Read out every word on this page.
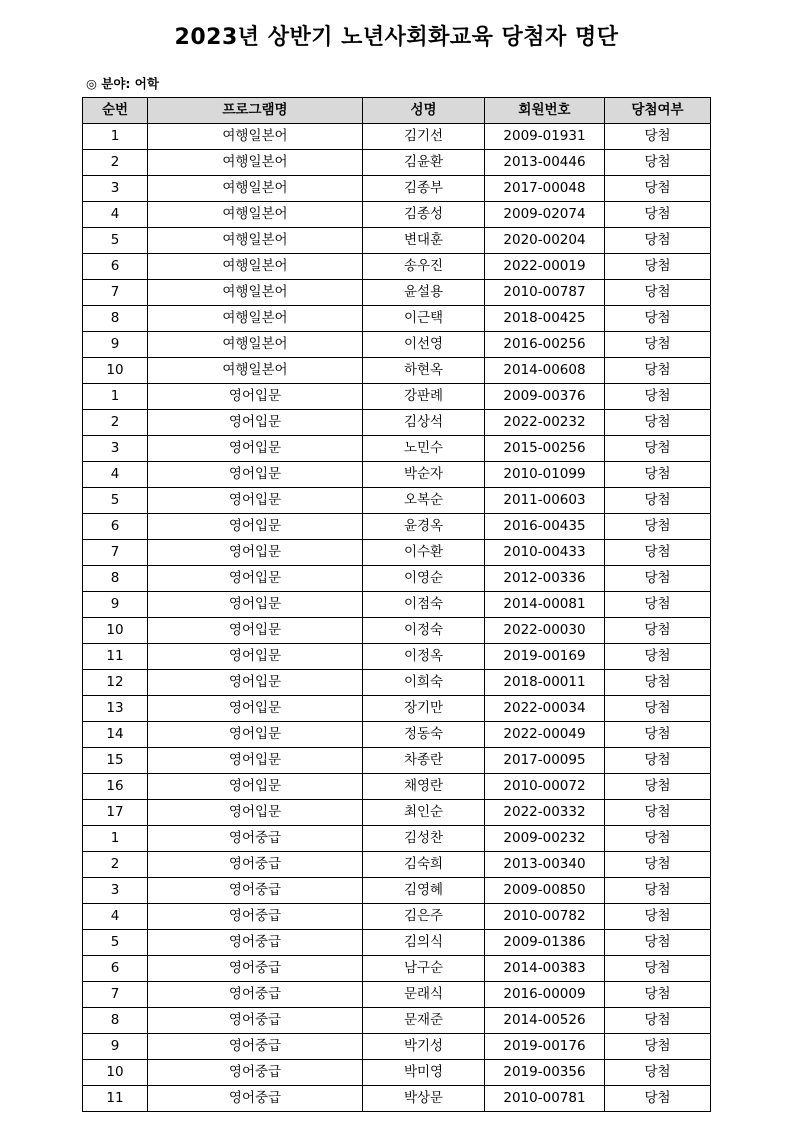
2023년 상반기 노년사회화교육 당첨자 명단
◎ 분야: 어학
순번	프로그램명	성명	회원번호	당첨여부
1	여행일본어	김기선	2009-01931	당첨
2	여행일본어	김윤환	2013-00446	당첨
3	여행일본어	김종부	2017-00048	당첨
4	여행일본어	김종성	2009-02074	당첨
5	여행일본어	변대훈	2020-00204	당첨
6	여행일본어	송우진	2022-00019	당첨
7	여행일본어	윤설용	2010-00787	당첨
8	여행일본어	이근택	2018-00425	당첨
9	여행일본어	이선영	2016-00256	당첨
10	여행일본어	하현옥	2014-00608	당첨
1	영어입문	강판례	2009-00376	당첨
2	영어입문	김상석	2022-00232	당첨
3	영어입문	노민수	2015-00256	당첨
4	영어입문	박순자	2010-01099	당첨
5	영어입문	오복순	2011-00603	당첨
6	영어입문	윤경옥	2016-00435	당첨
7	영어입문	이수환	2010-00433	당첨
8	영어입문	이영순	2012-00336	당첨
9	영어입문	이점숙	2014-00081	당첨
10	영어입문	이정숙	2022-00030	당첨
11	영어입문	이정옥	2019-00169	당첨
12	영어입문	이희숙	2018-00011	당첨
13	영어입문	장기만	2022-00034	당첨
14	영어입문	정동숙	2022-00049	당첨
15	영어입문	차종란	2017-00095	당첨
16	영어입문	채영란	2010-00072	당첨
17	영어입문	최인순	2022-00332	당첨
1	영어중급	김성찬	2009-00232	당첨
2	영어중급	김숙희	2013-00340	당첨
3	영어중급	김영혜	2009-00850	당첨
4	영어중급	김은주	2010-00782	당첨
5	영어중급	김의식	2009-01386	당첨
6	영어중급	남구순	2014-00383	당첨
7	영어중급	문래식	2016-00009	당첨
8	영어중급	문재준	2014-00526	당첨
9	영어중급	박기성	2019-00176	당첨
10	영어중급	박미영	2019-00356	당첨
11	영어중급	박상문	2010-00781	당첨
